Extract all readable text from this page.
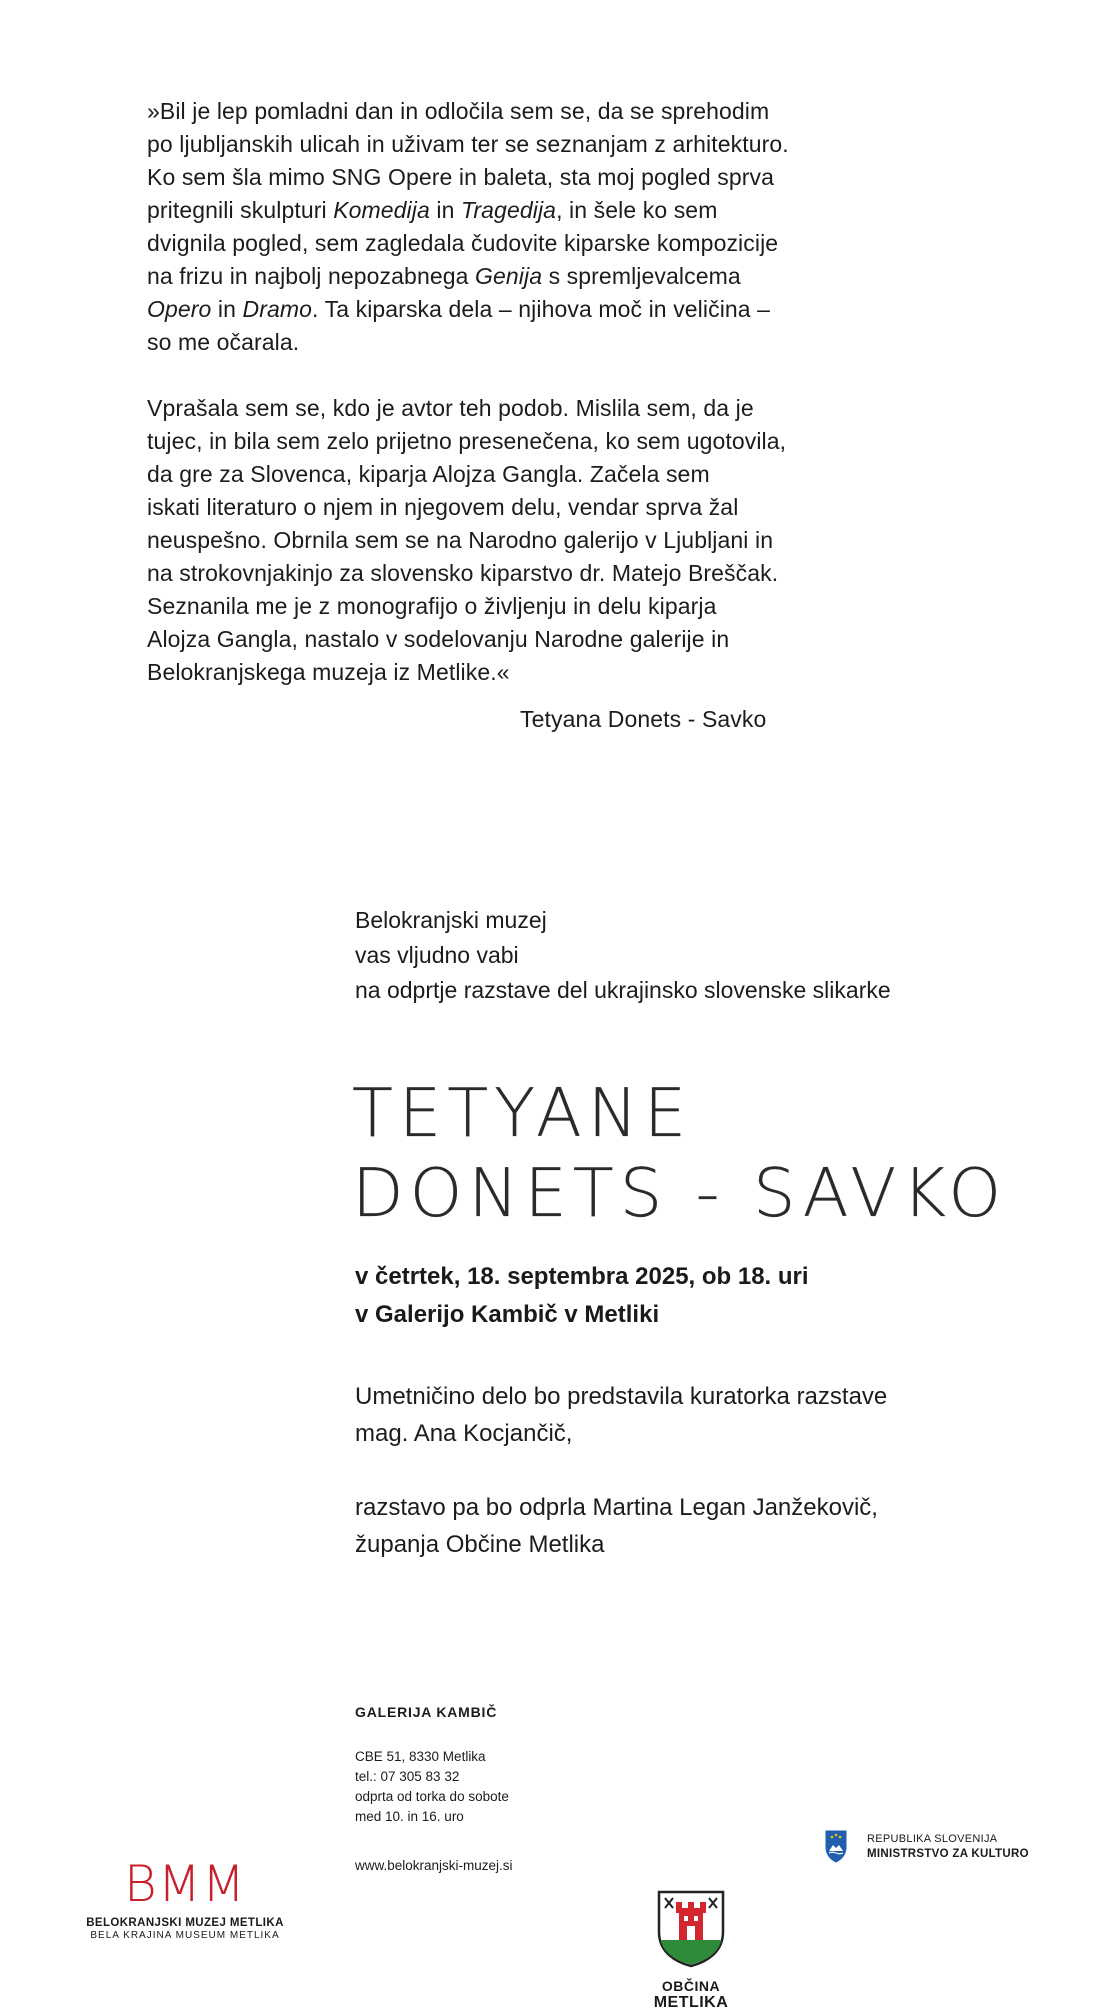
»Bil je lep pomladni dan in odločila sem se, da se sprehodim

po ljubljanskih ulicah in uživam ter se seznanjam z arhitekturo.

Ko sem šla mimo SNG Opere in baleta, sta moj pogled sprva

pritegnili skulpturi Komedija in Tragedija, in šele ko sem

dvignila pogled, sem zagledala čudovite kiparske kompozicije

na frizu in najbolj nepozabnega Genija s spremljevalcema

Opero in Dramo. Ta kiparska dela – njihova moč in veličina –

so me očarala.

Vprašala sem se, kdo je avtor teh podob. Mislila sem, da je

tujec, in bila sem zelo prijetno presenečena, ko sem ugotovila,

da gre za Slovenca, kiparja Alojza Gangla. Začela sem

iskati literaturo o njem in njegovem delu, vendar sprva žal

neuspešno. Obrnila sem se na Narodno galerijo v Ljubljani in

na strokovnjakinjo za slovensko kiparstvo dr. Matejo Breščak.

Seznanila me je z monografijo o življenju in delu kiparja

Alojza Gangla, nastalo v sodelovanju Narodne galerije in

Belokranjskega muzeja iz Metlike.«

Tetyana Donets - Savko

Belokranjski muzej

vas vljudno vabi

na odprtje razstave del ukrajinsko slovenske slikarke

TETYANE
DONETS - SAVKO

v četrtek, 18. septembra 2025, ob 18. uri

v Galerijo Kambič v Metliki

Umetničino delo bo predstavila kuratorka razstave

mag. Ana Kocjančič,

razstavo pa bo odprla Martina Legan Janžekovič,

županja Občine Metlika

GALERIJA KAMBIČ
CBE 51, 8330 Metlika
tel.: 07 305 83 32
odprta od torka do sobote
med 10. in 16. uro
www.belokranjski-muzej.si
BMM
BELOKRANJSKI MUZEJ METLIKA
BELA KRAJINA MUSEUM METLIKA
OBČINA
METLIKA
REPUBLIKA SLOVENIJA
MINISTRSTVO ZA KULTURO
